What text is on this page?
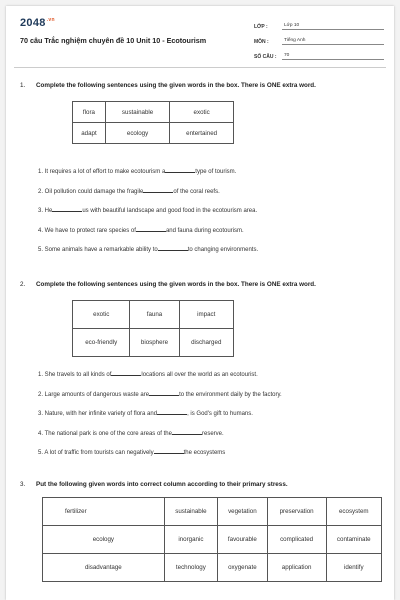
$2048^{.vn}$
70 câu Trắc nghiệm chuyên đề 10 Unit 10 - Ecotourism
LỚP :	Lớp 10
MÔN :	Tiếng Anh
SỐ CÂU :	70
1. Complete the following sentences using the given words in the box. There is ONE extra word.
flora	sustainable	exotic
adapt	ecology	entertained
1. It requires a lot of effort to make ecotourism a	type of tourism.
2. Oil pollution could damage the fragile	of the coral reefs.
3. He	us with beautiful landscape and good food in the ecotourism area.
4. We have to protect rare species of	and fauna during ecotourism.
5. Some animals have a remarkable ability to	to changing environments.
2. Complete the following sentences using the given words in the box. There is ONE extra word.
exotic	fauna	impact
eco-friendly	biosphere	discharged
1. She travels to all kinds of	locations all over the world as an ecotourist.
2. Large amounts of dangerous waste are	to the environment daily by the factory.
3. Nature, with her infinite variety of flora and	, is God's gift to humans.
4. The national park is one of the core areas of the	reserve.
5. A lot of traffic from tourists can negatively	the ecosystems
3. Put the following given words into correct column according to their primary stress.
fertilizer	sustainable	vegetation	preservation	ecosystem
ecology	inorganic	favourable	complicated	contaminate
disadvantage	technology	oxygenate	application	identify
